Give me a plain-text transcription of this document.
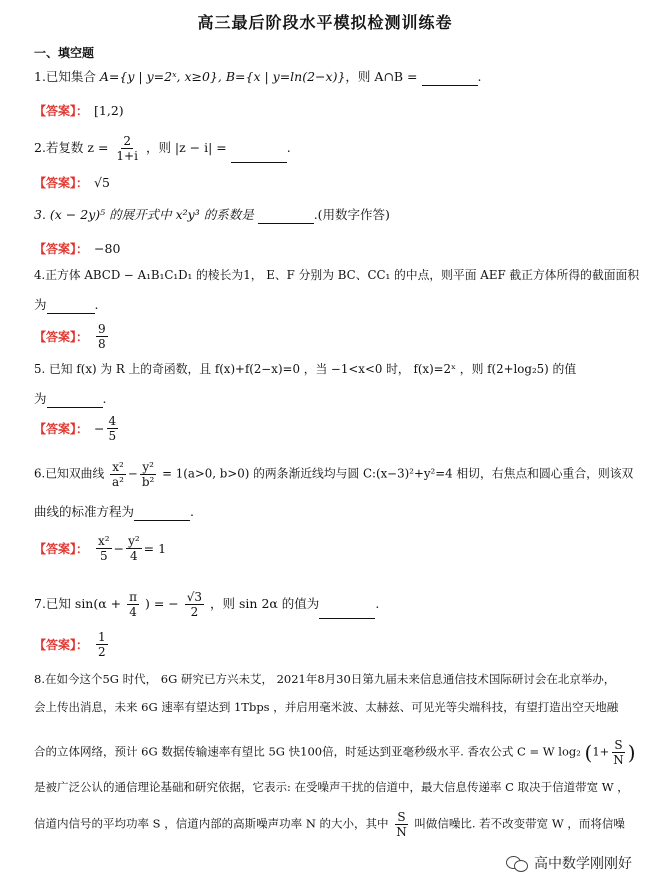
高三最后阶段水平模拟检测训练卷
一、填空题
1.已知集合 A={y | y=2ˣ, x≥0}, B={x | y=ln(2−x)}，则 A∩B =	.
【答案】： [1,2)
2.若复数 $z = \frac{2}{1+i}$ ，则 |z − i| =	.
【答案】： √5
3. (x − 2y)⁵ 的展开式中 x²y³ 的系数是	.(用数字作答)
【答案】： −80
4.正方体 ABCD − A₁B₁C₁D₁ 的棱长为1， E、F 分别为 BC、CC₁ 的中点，则平面 AEF 截正方体所得的截面面积
为	.
【答案】： $\frac{9}{8}$
5. 已知 f(x) 为 R 上的奇函数，且 f(x)+f(2−x)=0 ，当 −1<x<0 时， f(x)=2ˣ ，则 f(2+log₂5) 的值
为	.
【答案】： − $\frac{4}{5}$
6.已知双曲线 $\frac{\text{x²}}{\text{a²}} - \frac{\text{y²}}{\text{b²}} = 1(a>0$, b>0) 的两条渐近线均与圆 C:(x−3)²+y²=4 相切，右焦点和圆心重合，则该双
曲线的标准方程为	.
【答案】： $\frac{\text{x²}}{5} - \frac{\text{y²}}{4} = 1$
7.已知 $\sin(\alpha + \frac{\pi}{4}$ ) = − $\frac{√3}{2}$ ，则 sin 2α 的值为	.
【答案】： $\frac{1}{2}$
8.在如今这个5G 时代， 6G 研究已方兴未艾， 2021年8月30日第九届未来信息通信技术国际研讨会在北京举办，
会上传出消息，未来 6G 速率有望达到 1Tbps ，并启用毫米波、太赫兹、可见光等尖端科技，有望打造出空天地融
合的立体网络，预计 6G 数据传输速率有望比 5G 快100倍，时延达到亚毫秒级水平. 香农公式 C = W log₂ ($1+ \frac{S}{N}$ )
是被广泛公认的通信理论基础和研究依据，它表示: 在受噪声干扰的信道中，最大信息传递率 C 取决于信道带宽 W ，
信道内信号的平均功率 S ，信道内部的高斯噪声功率 N 的大小，其中 $\frac{S}{N}$ 叫做信噪比. 若不改变带宽 W ，而将信噪
高中数学刚刚好
